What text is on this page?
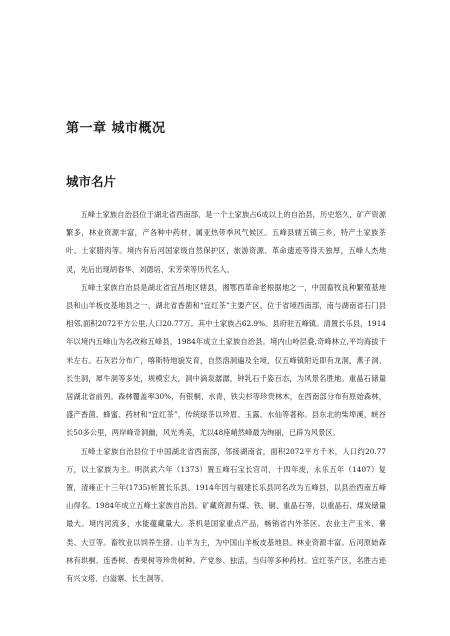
第一章 城市概况
城市名片

五峰土家族自治县位于湖北省西南部，是一个土家族占6成以上的自治县，历史悠久，矿产资源繁多，林业资源丰富，产各种中药材，属亚热带季风气候区。五峰县辖五镇三乡，特产土家族茶叶、土家腊肉等。境内有后河国家级自然保护区，旅游资源、革命遗迹等得天独厚，五峰人杰地灵，先后出现胡春华、刘德培、宋芳荣等历代名人。

五峰土家族自治县是湖北省宜昌地区辖县，湘鄂西革命老根据地之一，中国畜牧良种繁殖基地县和山羊板皮基地县之一，湖北省香菌和“宜红茶”主要产区。位于省境西南部，南与湖南省石门县相邻,面积2072平方公里,人口20.77万。其中土家族占62.9%。县府驻五峰镇。清置长乐县，1914年以境内五峰山为名改称五峰县，1984年成立土家族自治县。境内山岭层叠,奇峰林立,平均海拔千米左右。石灰岩分布广，喀斯特地貌发育，自然溶洞遍及全境，仅五峰镇附近即有龙洞，燕子洞、长生洞，犀牛洞等多处，规模宏大，洞中滴泉潺潺，钟乳石千姿百态，为风景名胜地。重晶石储量居湖北省前列。森林覆盖率30%，有银桐、水青，铁尖杉等珍贵林木，在西南部分布有原始森林，盛产香菌、蜂蜜、药材和“宜红茶”，传统绿茶以珍眉、玉露、水仙等著称。县东北的柴埠溪，峡谷长50多公里，两岸峰奇洞幽，风光秀美，尤以48座峭然峰最为绚丽，已辟为风景区。

五峰土家族自治县位于中国湖北省西南部，邻接湖南省，面积2072平方千米，人口约20.77万，以土家族为主。明洪武六年（1373）置五峰石宝长官司，十四年废，永乐五年（1407）复置，清雍正十三年(1735)析置长乐县，1914年因与福建长乐县同名改为五峰县，以县治西南五峰山得名。1984年成立五峰土家族自治县。矿藏资源有煤、铁、铜、重晶石等，以重晶石、煤炭储量最大。境内河流多，水能蕴藏量大。茶机是国家重点产品，畅销省内外茶区。农业主产玉米、薯类、大豆等。畜牧业以饲养生猪、山羊为主，为中国山羊板皮基地县。林业资源丰富。后河原始森林有珙桐、连香树、香果树等珍贵树种。产党参、独活、当归等多种药材。宜红茶产区，名胜古迹有兴文塔、白溢寨、长生洞等。
